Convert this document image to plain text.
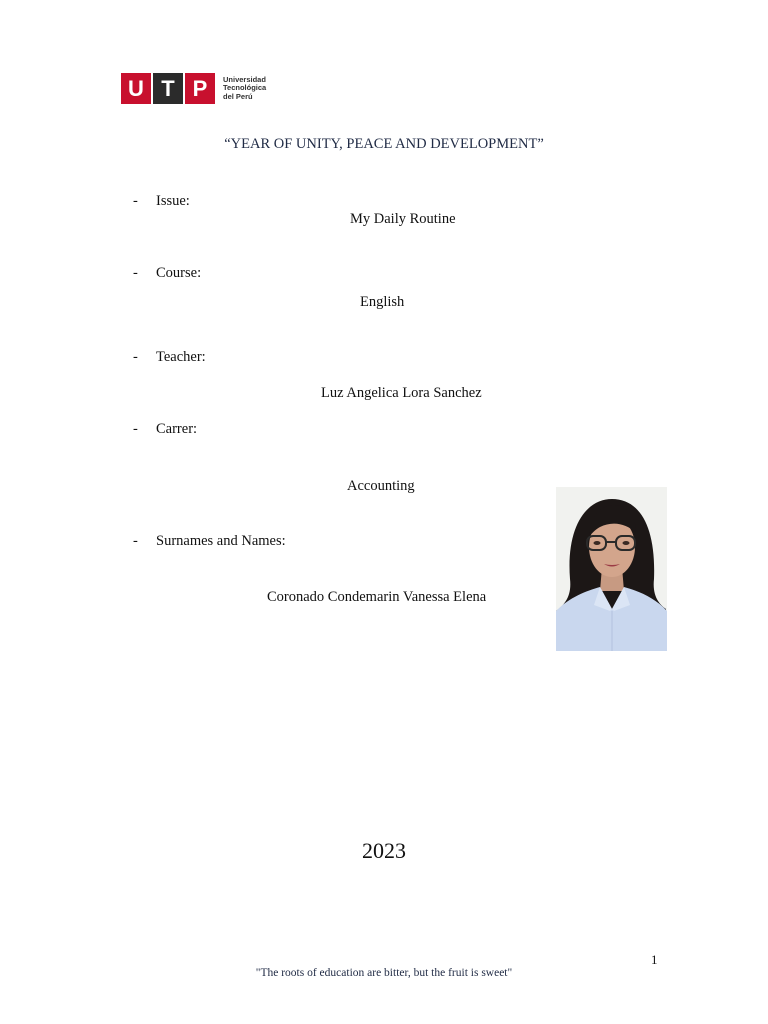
U T P	Universidad
Tecnológica
del Perú
“YEAR OF UNITY, PEACE AND DEVELOPMENT”
- Issue:
My Daily Routine
- Course:
English
- Teacher:
Luz Angelica Lora Sanchez
- Carrer:
Accounting
- Surnames and Names:
Coronado Condemarin Vanessa Elena
2023
1
"The roots of education are bitter, but the fruit is sweet"
